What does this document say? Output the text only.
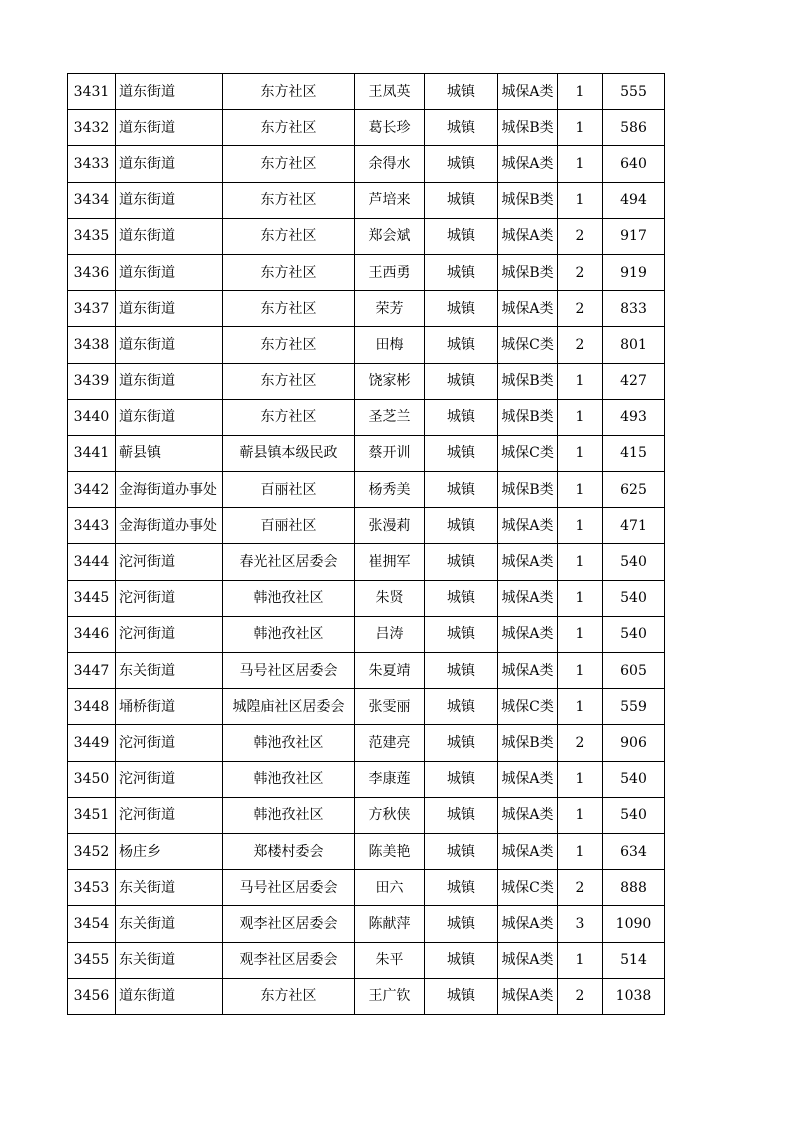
3431	道东街道	东方社区	王凤英	城镇	城保A类	1	555
3432	道东街道	东方社区	葛长珍	城镇	城保B类	1	586
3433	道东街道	东方社区	余得水	城镇	城保A类	1	640
3434	道东街道	东方社区	芦培来	城镇	城保B类	1	494
3435	道东街道	东方社区	郑会斌	城镇	城保A类	2	917
3436	道东街道	东方社区	王西勇	城镇	城保B类	2	919
3437	道东街道	东方社区	荣芳	城镇	城保A类	2	833
3438	道东街道	东方社区	田梅	城镇	城保C类	2	801
3439	道东街道	东方社区	饶家彬	城镇	城保B类	1	427
3440	道东街道	东方社区	圣芝兰	城镇	城保B类	1	493
3441	蕲县镇	蕲县镇本级民政	蔡开训	城镇	城保C类	1	415
3442	金海街道办事处	百丽社区	杨秀美	城镇	城保B类	1	625
3443	金海街道办事处	百丽社区	张漫莉	城镇	城保A类	1	471
3444	沱河街道	春光社区居委会	崔拥军	城镇	城保A类	1	540
3445	沱河街道	韩池孜社区	朱贤	城镇	城保A类	1	540
3446	沱河街道	韩池孜社区	吕涛	城镇	城保A类	1	540
3447	东关街道	马号社区居委会	朱夏靖	城镇	城保A类	1	605
3448	埇桥街道	城隍庙社区居委会	张雯丽	城镇	城保C类	1	559
3449	沱河街道	韩池孜社区	范建亮	城镇	城保B类	2	906
3450	沱河街道	韩池孜社区	李康莲	城镇	城保A类	1	540
3451	沱河街道	韩池孜社区	方秋侠	城镇	城保A类	1	540
3452	杨庄乡	郑楼村委会	陈美艳	城镇	城保A类	1	634
3453	东关街道	马号社区居委会	田六	城镇	城保C类	2	888
3454	东关街道	观李社区居委会	陈献萍	城镇	城保A类	3	1090
3455	东关街道	观李社区居委会	朱平	城镇	城保A类	1	514
3456	道东街道	东方社区	王广钦	城镇	城保A类	2	1038
